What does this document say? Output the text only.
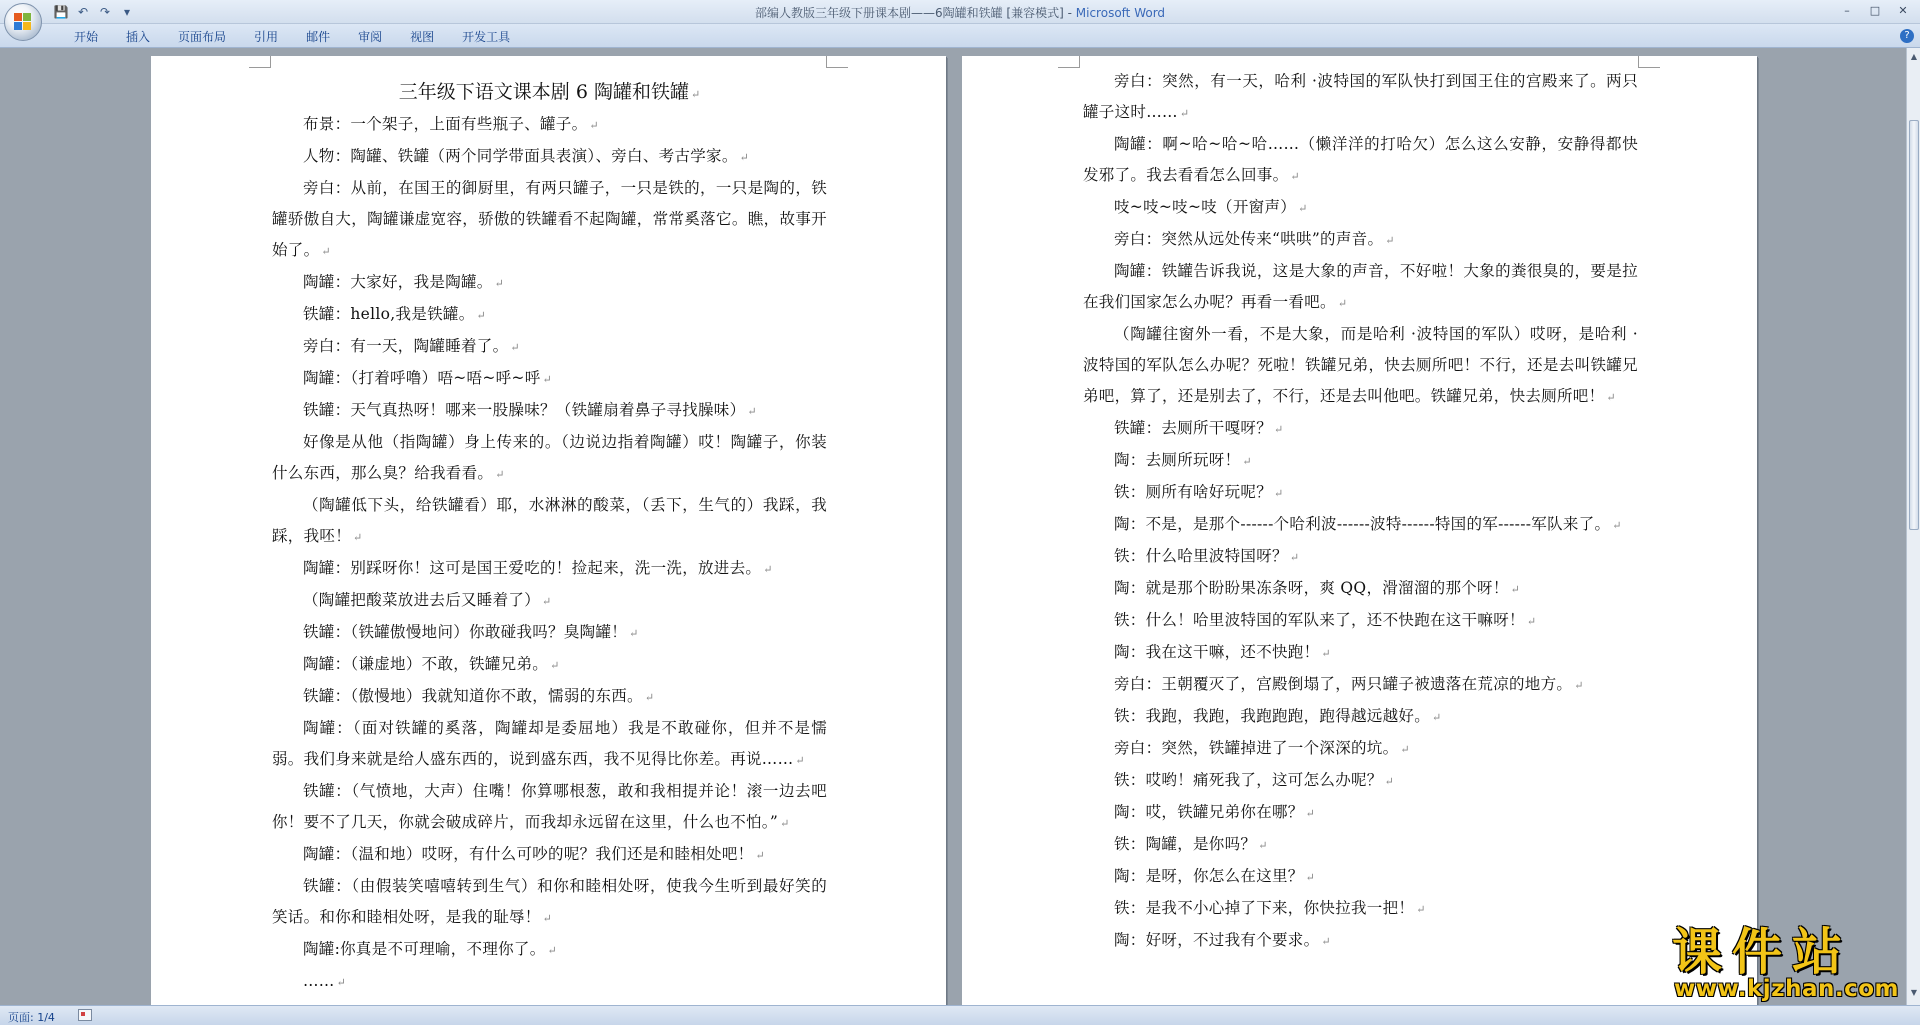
💾 ↶ ↷	▾	部编人教版三年级下册课本剧——6陶罐和铁罐 [兼容模式] - Microsoft Word	–	□	✕
开始	插入	页面布局	引用	邮件	审阅	视图	开发工具	?
三年级下语文课本剧 6 陶罐和铁罐 ↵
布景：一个架子，上面有些瓶子、罐子。 ↵
人物：陶罐、铁罐（两个同学带面具表演）、旁白、考古学家。 ↵
旁白：从前，在国王的御厨里，有两只罐子，一只是铁的，一只是陶的，铁罐骄傲自大，陶罐谦虚宽容，骄傲的铁罐看不起陶罐，常常奚落它。瞧，故事开始了。 ↵
陶罐：大家好，我是陶罐。 ↵
铁罐：hello,我是铁罐。 ↵
旁白：有一天，陶罐睡着了。 ↵
陶罐：（打着呼噜）唔~唔~呼~呼 ↵
铁罐：天气真热呀！哪来一股臊味？（铁罐扇着鼻子寻找臊味） ↵
好像是从他（指陶罐）身上传来的。（边说边指着陶罐）哎！陶罐子，你装什么东西，那么臭？给我看看。 ↵
（陶罐低下头，给铁罐看）耶，水淋淋的酸菜，（丢下，生气的）我踩，我踩，我呸！ ↵
陶罐：别踩呀你！这可是国王爱吃的！捡起来，洗一洗，放进去。 ↵
（陶罐把酸菜放进去后又睡着了） ↵
铁罐：（铁罐傲慢地问）你敢碰我吗？臭陶罐！ ↵
陶罐：（谦虚地）不敢，铁罐兄弟。 ↵
铁罐：（傲慢地）我就知道你不敢，懦弱的东西。 ↵
陶罐：（面对铁罐的奚落，陶罐却是委屈地）我是不敢碰你，但并不是懦弱。我们身来就是给人盛东西的，说到盛东西，我不见得比你差。再说…… ↵
铁罐：（气愤地，大声）住嘴！你算哪根葱，敢和我相提并论！滚一边去吧你！要不了几天，你就会破成碎片，而我却永远留在这里，什么也不怕。” ↵
陶罐：（温和地）哎呀，有什么可吵的呢？我们还是和睦相处吧！ ↵
铁罐：（由假装笑嘻嘻转到生气）和你和睦相处呀，使我今生听到最好笑的笑话。和你和睦相处呀，是我的耻辱！ ↵
陶罐:你真是不可理喻，不理你了。 ↵
…… ↵
旁白：突然，有一天，哈利 ·波特国的军队快打到国王住的宫殿来了。两只罐子这时…… ↵
陶罐：啊~哈~哈~哈……（懒洋洋的打哈欠）怎么这么安静，安静得都快发邪了。我去看看怎么回事。 ↵
吱~吱~吱~吱（开窗声） ↵
旁白：突然从远处传来“哄哄”的声音。 ↵
陶罐：铁罐告诉我说，这是大象的声音，不好啦！大象的粪很臭的，要是拉在我们国家怎么办呢？再看一看吧。 ↵
（陶罐往窗外一看，不是大象，而是哈利 ·波特国的军队）哎呀，是哈利 ·波特国的军队怎么办呢？死啦！铁罐兄弟，快去厕所吧！不行，还是去叫铁罐兄弟吧，算了，还是别去了，不行，还是去叫他吧。铁罐兄弟，快去厕所吧！ ↵
铁罐：去厕所干嘎呀？ ↵
陶：去厕所玩呀！ ↵
铁：厕所有啥好玩呢？ ↵
陶：不是，是那个------个哈利波------波特------特国的军------军队来了。 ↵
铁：什么哈里波特国呀？ ↵
陶：就是那个盼盼果冻条呀，爽 QQ，滑溜溜的那个呀！ ↵
铁：什么！哈里波特国的军队来了，还不快跑在这干嘛呀！ ↵
陶：我在这干嘛，还不快跑！ ↵
旁白：王朝覆灭了，宫殿倒塌了，两只罐子被遗落在荒凉的地方。 ↵
铁：我跑，我跑，我跑跑跑，跑得越远越好。 ↵
旁白：突然，铁罐掉进了一个深深的坑。 ↵
铁：哎哟！痛死我了，这可怎么办呢？ ↵
陶：哎，铁罐兄弟你在哪？ ↵
铁：陶罐，是你吗？ ↵
陶：是呀，你怎么在这里？ ↵
铁：是我不小心掉了下来，你快拉我一把！ ↵
陶：好呀，不过我有个要求。 ↵
▲
▼
页面: 1/4
课件站
www.kjzhan.com
